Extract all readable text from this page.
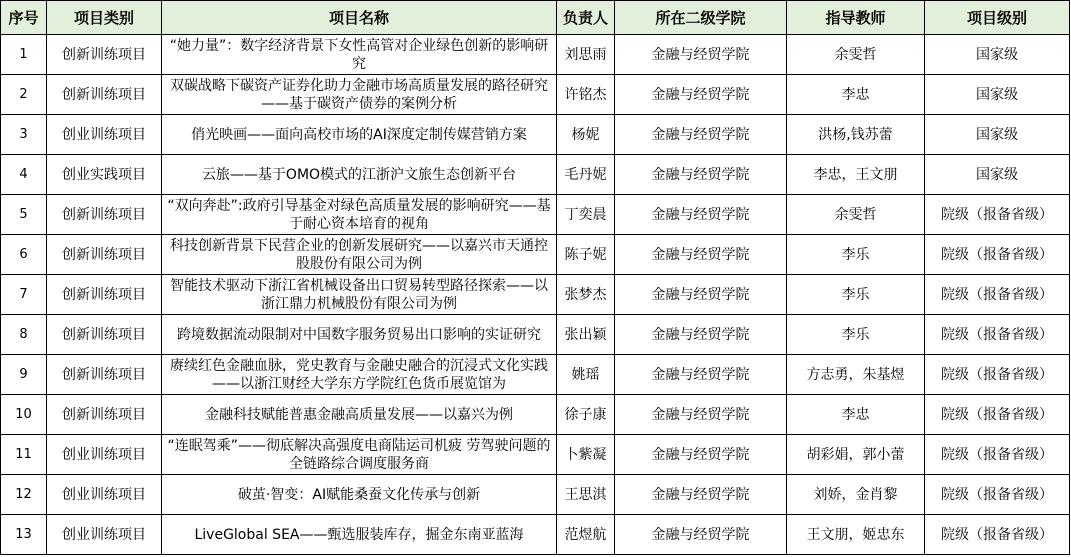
序号	项目类别	项目名称	负责人	所在二级学院	指导教师	项目级别
1	创新训练项目	“她力量”：数字经济背景下女性高管对企业绿色创新的影响研究	刘思雨	金融与经贸学院	余雯哲	国家级
2	创新训练项目	双碳战略下碳资产证券化助力金融市场高质量发展的路径研究 ——基于碳资产债券的案例分析	许铭杰	金融与经贸学院	李忠	国家级
3	创业训练项目	俏光映画——面向高校市场的AI深度定制传媒营销方案	杨妮	金融与经贸学院	洪杨,钱苏蕾	国家级
4	创业实践项目	云旅——基于OMO模式的江浙沪文旅生态创新平台	毛丹妮	金融与经贸学院	李忠，王文朋	国家级
5	创新训练项目	“双向奔赴”:政府引导基金对绿色高质量发展的影响研究——基于耐心资本培育的视角	丁奕晨	金融与经贸学院	余雯哲	院级（报备省级）
6	创新训练项目	科技创新背景下民营企业的创新发展研究——以嘉兴市天通控股股份有限公司为例	陈子妮	金融与经贸学院	李乐	院级（报备省级）
7	创新训练项目	智能技术驱动下浙江省机械设备出口贸易转型路径探索——以浙江鼎力机械股份有限公司为例	张梦杰	金融与经贸学院	李乐	院级（报备省级）
8	创新训练项目	跨境数据流动限制对中国数字服务贸易出口影响的实证研究	张出颖	金融与经贸学院	李乐	院级（报备省级）
9	创新训练项目	赓续红色金融血脉，党史教育与金融史融合的沉浸式文化实践——以浙江财经大学东方学院红色货币展览馆为	姚瑶	金融与经贸学院	方志勇，朱基煜	院级（报备省级）
10	创新训练项目	金融科技赋能普惠金融高质量发展——以嘉兴为例	徐子康	金融与经贸学院	李忠	院级（报备省级）
11	创业训练项目	“连眠驾乘”——彻底解决高强度电商陆运司机疲 劳驾驶问题的全链路综合调度服务商	卜紫凝	金融与经贸学院	胡彩娟，郭小蕾	院级（报备省级）
12	创业训练项目	破茧·智变：AI赋能桑蚕文化传承与创新	王思淇	金融与经贸学院	刘娇，金肖黎	院级（报备省级）
13	创业训练项目	LiveGlobal SEA——甄选服装库存，掘金东南亚蓝海	范煜航	金融与经贸学院	王文朋，姬忠东	院级（报备省级）
